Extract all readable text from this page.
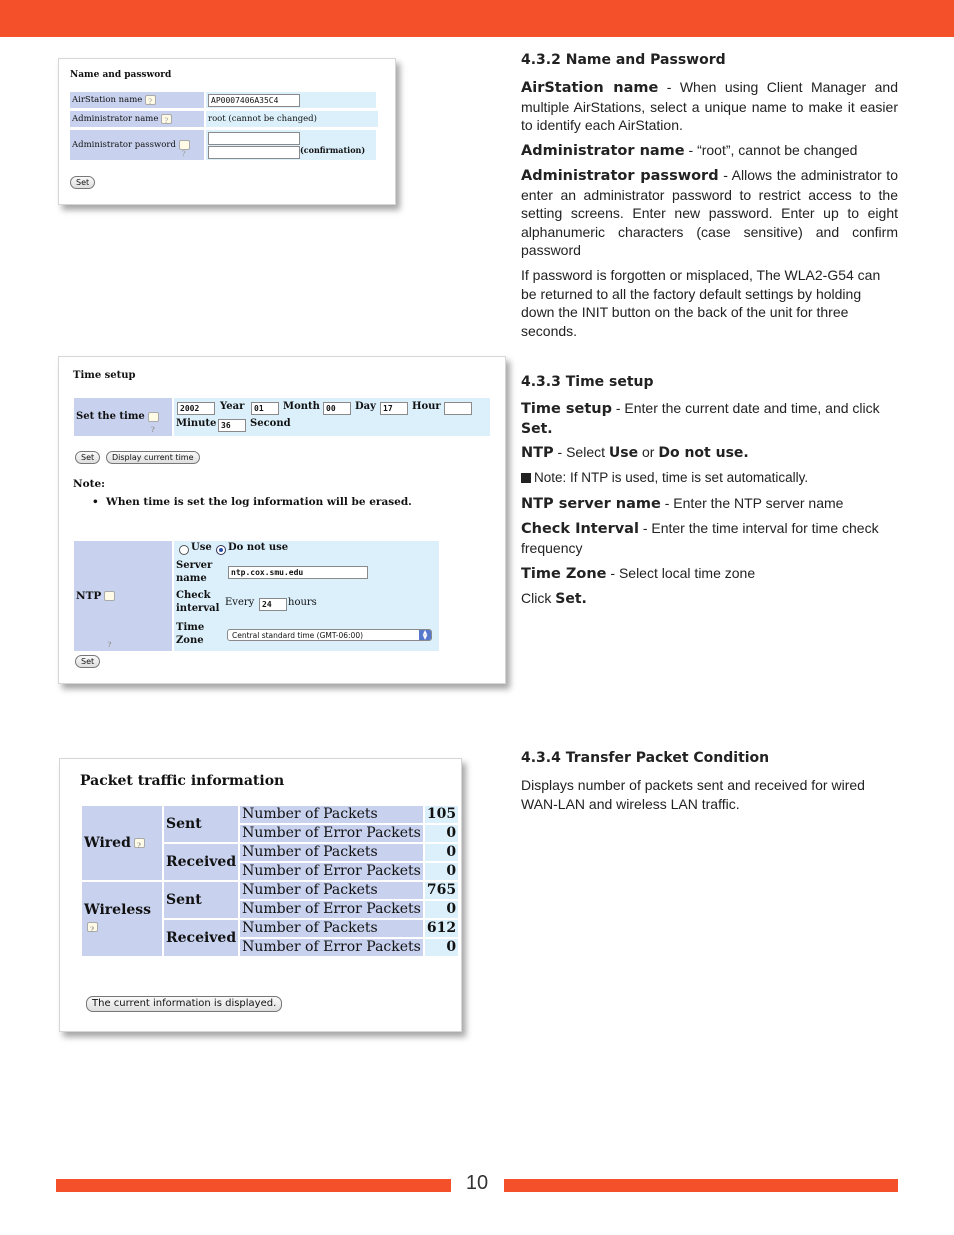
Name and password
AirStation name ?	AP0007406A35C4
Administrator name ?	root (cannot be changed)
Administrator password?	(confirmation)
Set
Time setup
Set the time?
2002	Year	01	Month 00	Day 17	Hour
Minute 36	Second
Set	Display current time
Note:
•  When time is set the log information will be erased.
NTP?
Use Do not use
Server name
ntp.cox.smu.edu
Check interval
Every 24	hours
Time Zone	Central standard time (GMT-06:00)	▲
▼
Set
Packet traffic information
Wired?	Sent	Number of Packets	105
		Number of Error Packets	0
	Received	Number of Packets	0
		Number of Error Packets	0
Wireless?	Sent	Number of Packets	765
		Number of Error Packets	0
	Received	Number of Packets	612
		Number of Error Packets	0
The current information is displayed.
4.3.2 Name and Password
AirStation name - When using Client Manager and multiple AirStations, select a unique name to make it easier to identify each AirStation.
Administrator name - “root”, cannot be changed
Administrator password - Allows the administrator to enter an administrator password to restrict access to the setting screens. Enter new password. Enter up to eight alphanumeric characters (case sensitive) and confirm password
If password is forgotten or misplaced, The WLA2-G54 can be returned to all the factory default settings by holding down the INIT button on the back of the unit for three seconds.
4.3.3 Time setup
Time setup - Enter the current date and time, and click Set.
NTP - Select Use or Do not use.
Note: If NTP is used, time is set automatically.
NTP server name - Enter the NTP server name
Check Interval - Enter the time interval for time check frequency
Time Zone - Select local time zone
Click Set.
4.3.4 Transfer Packet Condition
Displays number of packets sent and received for wired WAN-LAN and wireless LAN traffic.
10
